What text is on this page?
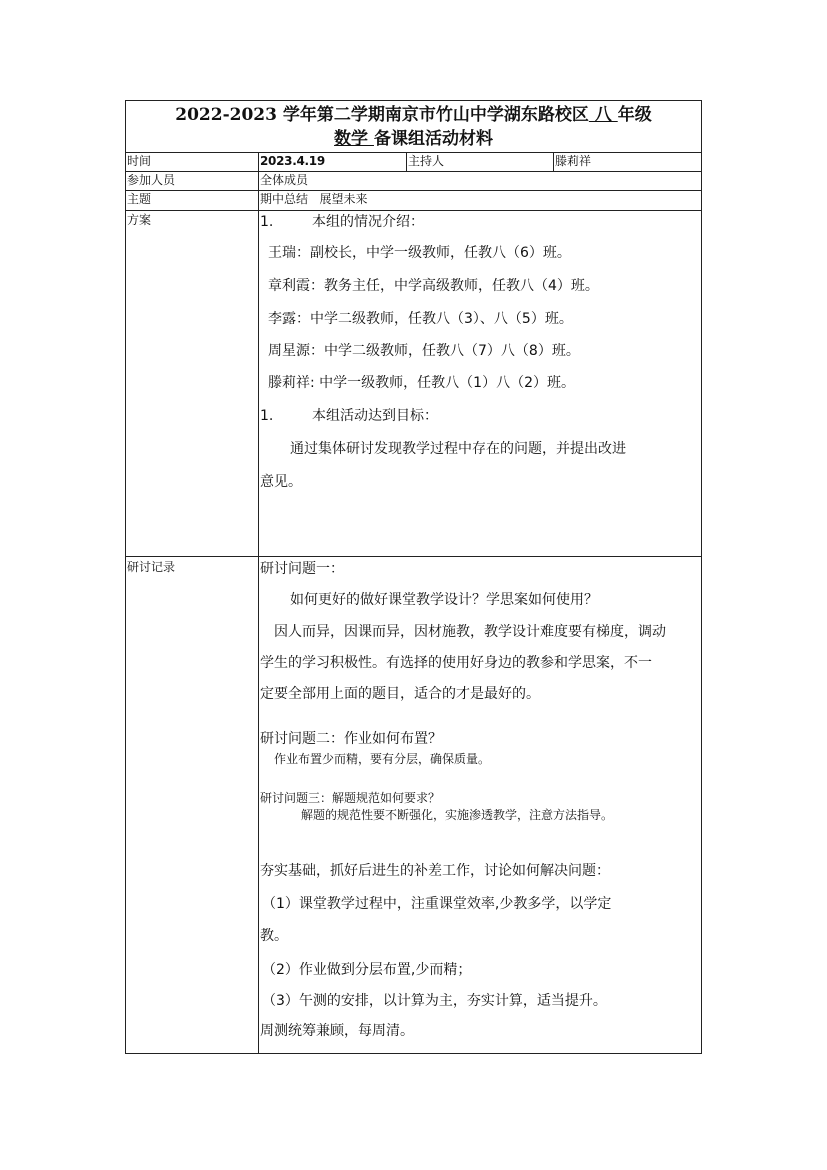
2022-2023 学年第二学期南京市竹山中学湖东路校区 八 年级
数学 备课组活动材料
时间	2023.4.19	主持人	滕莉祥
参加人员	全体成员
主题	期中总结   展望未来
方案	1.	本组的情况介绍：
王瑞：副校长，中学一级教师，任教八（6）班。
章利霞：教务主任，中学高级教师，任教八（4）班。
李露：中学二级教师，任教八（3）、八（5）班。
周星源：中学二级教师，任教八（7）八（8）班。
滕莉祥: 中学一级教师，任教八（1）八（2）班。
1.	本组活动达到目标：
通过集体研讨发现教学过程中存在的问题，并提出改进
意见。
研讨记录	研讨问题一：
如何更好的做好课堂教学设计？学思案如何使用？
因人而异，因课而异，因材施教，教学设计难度要有梯度，调动
学生的学习积极性。有选择的使用好身边的教参和学思案，不一
定要全部用上面的题目，适合的才是最好的。
研讨问题二：作业如何布置？
作业布置少而精，要有分层，确保质量。
研讨问题三：解题规范如何要求？
解题的规范性要不断强化，实施渗透教学，注意方法指导。
夯实基础，抓好后进生的补差工作，讨论如何解决问题：
（1）课堂教学过程中，注重课堂效率,少教多学，以学定
教。
（2）作业做到分层布置,少而精；
（3）午测的安排，以计算为主，夯实计算，适当提升。
周测统筹兼顾，每周清。
